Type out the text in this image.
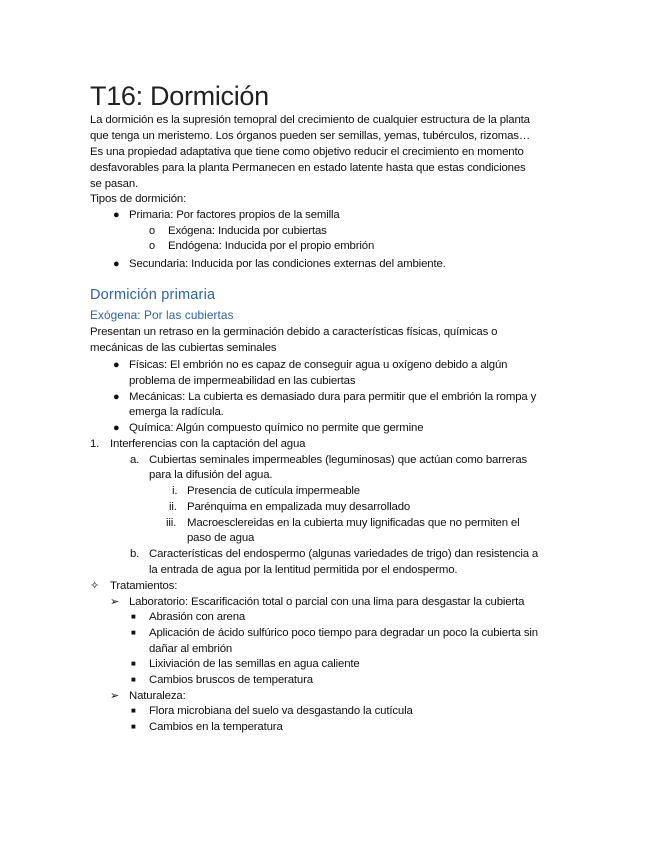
T16: Dormición
La dormición es la supresión temopral del crecimiento de cualquier estructura de la planta
que tenga un meristemo. Los órganos pueden ser semillas, yemas, tubérculos, rizomas…
Es una propiedad adaptativa que tiene como objetivo reducir el crecimiento en momento
desfavorables para la planta Permanecen en estado latente hasta que estas condiciones
se pasan.
Tipos de dormición:
● Primaria: Por factores propios de la semilla
o Exógena: Inducida por cubiertas
o Endógena: Inducida por el propio embrión
● Secundaria: Inducida por las condiciones externas del ambiente.
Dormición primaria
Exógena: Por las cubiertas
Presentan un retraso en la germinación debido a características físicas, químicas o
mecánicas de las cubiertas seminales
● Físicas: El embrión no es capaz de conseguir agua u oxígeno debido a algún
problema de impermeabilidad en las cubiertas
● Mecánicas: La cubierta es demasiado dura para permitir que el embrión la rompa y
emerga la radícula.
● Química: Algún compuesto químico no permite que germine
1. Interferencias con la captación del agua
a. Cubiertas seminales impermeables (leguminosas) que actúan como barreras
para la difusión del agua.
i. Presencia de cutícula impermeable
ii. Parénquima en empalizada muy desarrollado
iii. Macroesclereidas en la cubierta muy lignificadas que no permiten el
paso de agua
b. Características del endospermo (algunas variedades de trigo) dan resistencia a
la entrada de agua por la lentitud permitida por el endospermo.
✧ Tratamientos:
➢ Laboratorio: Escarificación total o parcial con una lima para desgastar la cubierta
■ Abrasión con arena
■ Aplicación de ácido sulfúrico poco tiempo para degradar un poco la cubierta sin
dañar al embrión
■ Lixiviación de las semillas en agua caliente
■ Cambios bruscos de temperatura
➢ Naturaleza:
■ Flora microbiana del suelo va desgastando la cutícula
■ Cambios en la temperatura
